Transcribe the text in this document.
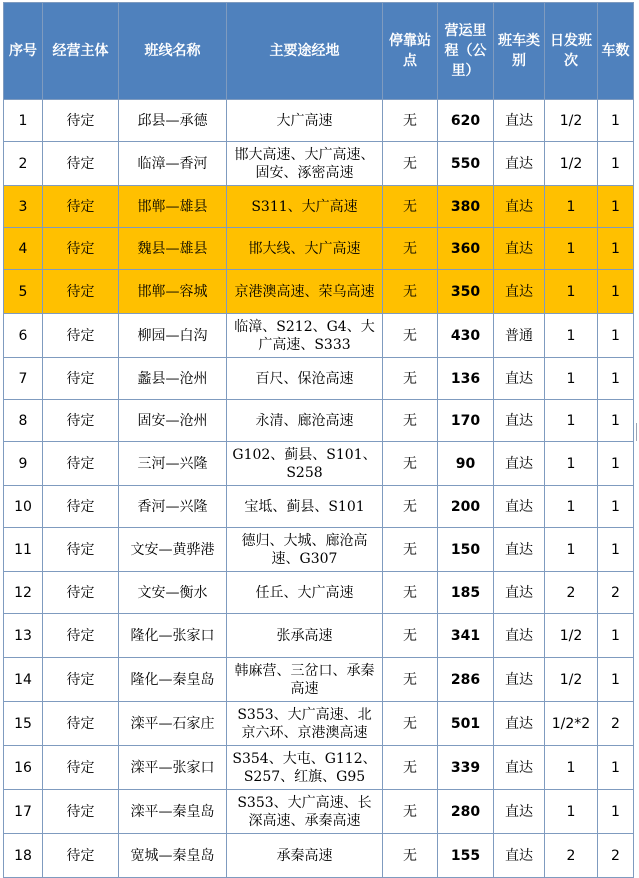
序号	经营主体	班线名称	主要途经地	停靠站点	营运里程（公里）	班车类别	日发班次	车数
1	待定	邱县—承德	大广高速	无	620	直达	1/2	1
2	待定	临漳—香河	邯大高速、大广高速、固安、涿密高速	无	550	直达	1/2	1
3	待定	邯郸—雄县	S311、大广高速	无	380	直达	1	1
4	待定	魏县—雄县	邯大线、大广高速	无	360	直达	1	1
5	待定	邯郸—容城	京港澳高速、荣乌高速	无	350	直达	1	1
6	待定	柳园—白沟	临漳、S212、G4、大广高速、S333	无	430	普通	1	1
7	待定	蠡县—沧州	百尺、保沧高速	无	136	直达	1	1
8	待定	固安—沧州	永清、廊沧高速	无	170	直达	1	1
9	待定	三河—兴隆	G102、蓟县、S101、S258	无	90	直达	1	1
10	待定	香河—兴隆	宝坻、蓟县、S101	无	200	直达	1	1
11	待定	文安—黄骅港	德归、大城、廊沧高速、G307	无	150	直达	1	1
12	待定	文安—衡水	任丘、大广高速	无	185	直达	2	2
13	待定	隆化—张家口	张承高速	无	341	直达	1/2	1
14	待定	隆化—秦皇岛	韩麻营、三岔口、承秦高速	无	286	直达	1/2	1
15	待定	滦平—石家庄	S353、大广高速、北京六环、京港澳高速	无	501	直达	1/2*2	2
16	待定	滦平—张家口	S354、大屯、G112、S257、红旗、G95	无	339	直达	1	1
17	待定	滦平—秦皇岛	S353、大广高速、长深高速、承秦高速	无	280	直达	1	1
18	待定	宽城—秦皇岛	承秦高速	无	155	直达	2	2
